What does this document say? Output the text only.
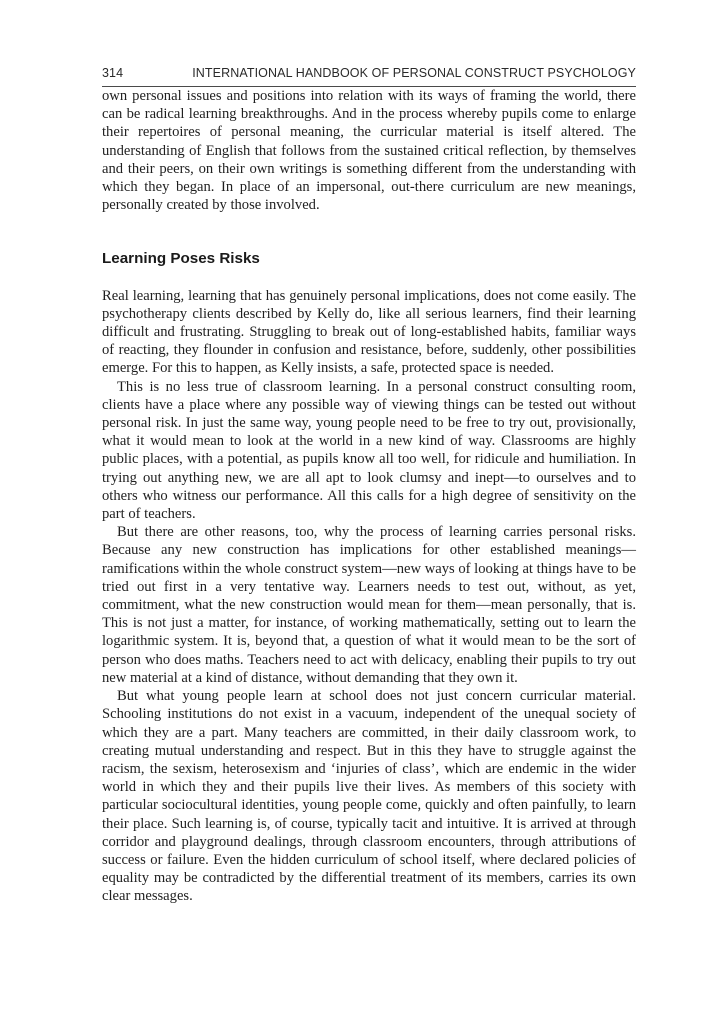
314	INTERNATIONAL HANDBOOK OF PERSONAL CONSTRUCT PSYCHOLOGY

own personal issues and positions into relation with its ways of framing the world, there can be radical learning breakthroughs. And in the process whereby pupils come to enlarge their repertoires of personal meaning, the curricular material is itself altered. The understanding of English that follows from the sustained critical reflection, by themselves and their peers, on their own writings is something different from the understanding with which they began. In place of an impersonal, out-there curriculum are new meanings, personally created by those involved.

Learning Poses Risks

Real learning, learning that has genuinely personal implications, does not come easily. The psychotherapy clients described by Kelly do, like all serious learners, find their learning difficult and frustrating. Struggling to break out of long-established habits, familiar ways of reacting, they flounder in confusion and resistance, before, suddenly, other possibilities emerge. For this to happen, as Kelly insists, a safe, protected space is needed.

This is no less true of classroom learning. In a personal construct consulting room, clients have a place where any possible way of viewing things can be tested out without personal risk. In just the same way, young people need to be free to try out, provisionally, what it would mean to look at the world in a new kind of way. Classrooms are highly public places, with a potential, as pupils know all too well, for ridicule and humiliation. In trying out anything new, we are all apt to look clumsy and inept—to ourselves and to others who witness our performance. All this calls for a high degree of sensitivity on the part of teachers.

But there are other reasons, too, why the process of learning carries personal risks. Because any new construction has implications for other established meanings—ramifications within the whole construct system—new ways of looking at things have to be tried out first in a very tentative way. Learners needs to test out, without, as yet, commitment, what the new construction would mean for them—mean personally, that is. This is not just a matter, for instance, of working mathematically, setting out to learn the logarithmic system. It is, beyond that, a question of what it would mean to be the sort of person who does maths. Teachers need to act with delicacy, enabling their pupils to try out new material at a kind of distance, without demanding that they own it.

But what young people learn at school does not just concern curricular material. Schooling institutions do not exist in a vacuum, independent of the unequal society of which they are a part. Many teachers are committed, in their daily classroom work, to creating mutual understanding and respect. But in this they have to struggle against the racism, the sexism, heterosexism and ‘injuries of class’, which are endemic in the wider world in which they and their pupils live their lives. As members of this society with particular sociocultural identities, young people come, quickly and often painfully, to learn their place. Such learning is, of course, typically tacit and intuitive. It is arrived at through corridor and playground dealings, through classroom encounters, through attributions of success or failure. Even the hidden curriculum of school itself, where declared policies of equality may be contradicted by the differential treatment of its members, carries its own clear messages.
